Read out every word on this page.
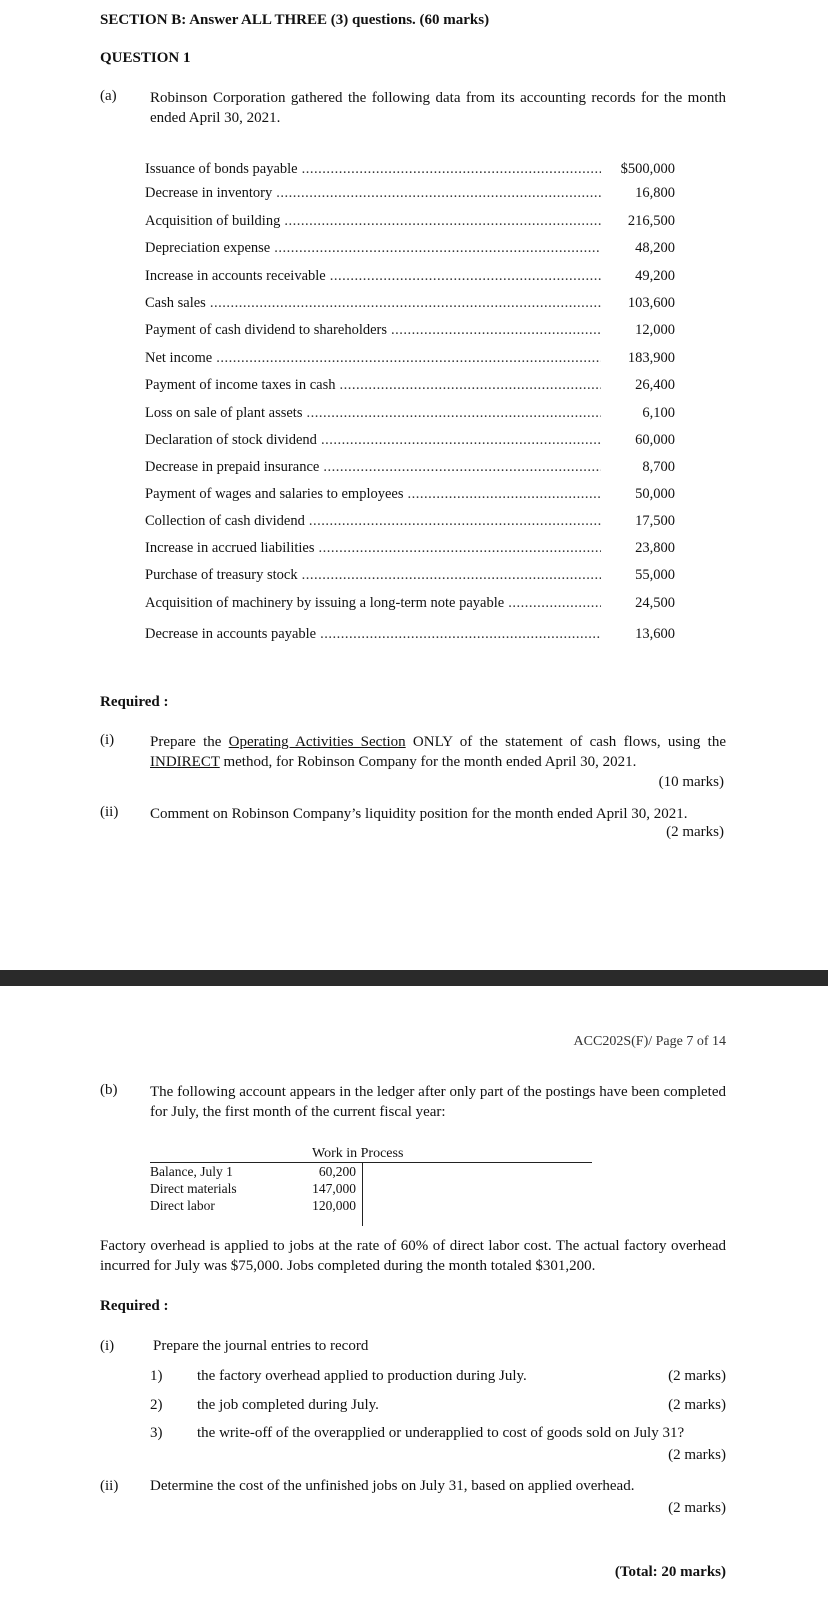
SECTION B: Answer ALL THREE (3) questions. (60 marks)
QUESTION 1
(a) Robinson Corporation gathered the following data from its accounting records for the month ended April 30, 2021.
Issuance of bonds payable .....	$500,000
Decrease in inventory .....	16,800
Acquisition of building .....	216,500
Depreciation expense .....	48,200
Increase in accounts receivable .....	49,200
Cash sales .....	103,600
Payment of cash dividend to shareholders .....	12,000
Net income .....	183,900
Payment of income taxes in cash .....	26,400
Loss on sale of plant assets .....	6,100
Declaration of stock dividend .....	60,000
Decrease in prepaid insurance .....	8,700
Payment of wages and salaries to employees .....	50,000
Collection of cash dividend .....	17,500
Increase in accrued liabilities .....	23,800
Purchase of treasury stock .....	55,000
Acquisition of machinery by issuing a long-term note payable .....	24,500
Decrease in accounts payable .....	13,600
Required :
(i) Prepare the Operating Activities Section ONLY of the statement of cash flows, using the INDIRECT method, for Robinson Company for the month ended April 30, 2021.
(10 marks)
(ii) Comment on Robinson Company’s liquidity position for the month ended April 30, 2021.
(2 marks)
ACC202S(F)/ Page 7 of 14
(b) The following account appears in the ledger after only part of the postings have been completed for July, the first month of the current fiscal year:
Work in Process
Balance, July 1	60,200
Direct materials	147,000
Direct labor	120,000
Factory overhead is applied to jobs at the rate of 60% of direct labor cost. The actual factory overhead incurred for July was $75,000. Jobs completed during the month totaled $301,200.
Required :
(i)	Prepare the journal entries to record
1) the factory overhead applied to production during July.	(2 marks)
2) the job completed during July.	(2 marks)
3) the write-off of the overapplied or underapplied to cost of goods sold on July 31?
(2 marks)
(ii) Determine the cost of the unfinished jobs on July 31, based on applied overhead.
(2 marks)
(Total: 20 marks)
